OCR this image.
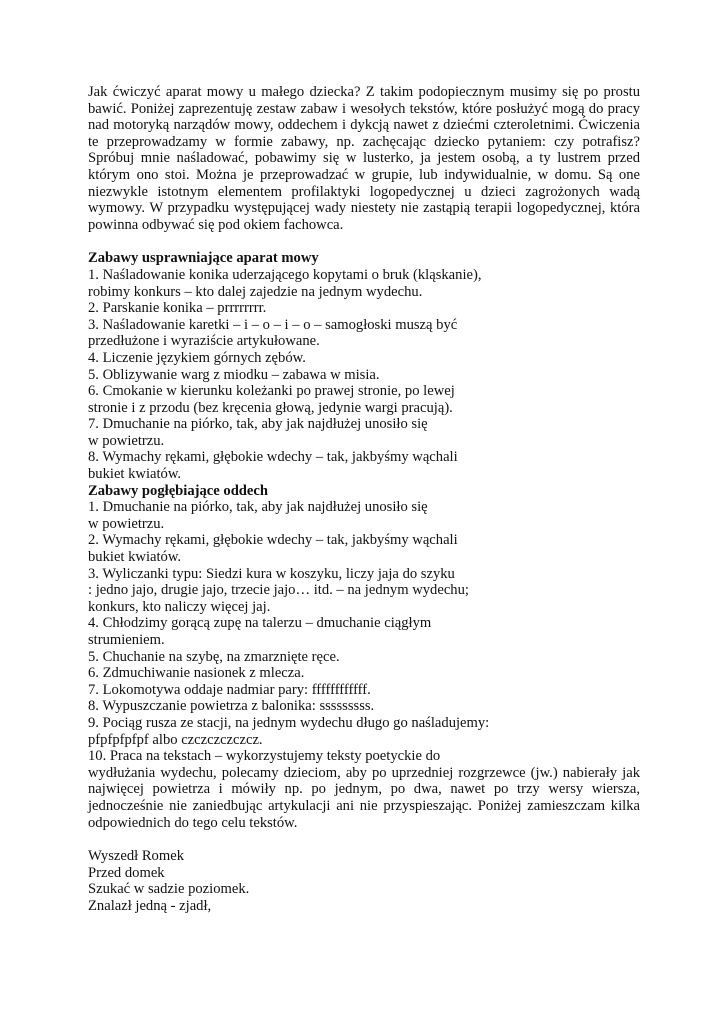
Jak ćwiczyć aparat mowy u małego dziecka? Z takim podopiecznym musimy się po prostu
bawić. Poniżej zaprezentuję zestaw zabaw i wesołych tekstów, które posłużyć mogą do pracy
nad motoryką narządów mowy, oddechem i dykcją nawet z dziećmi czteroletnimi. Ćwiczenia
te przeprowadzamy w formie zabawy, np. zachęcając dziecko pytaniem: czy potrafisz?
Spróbuj mnie naśladować, pobawimy się w lusterko, ja jestem osobą, a ty lustrem przed
którym ono stoi. Można je przeprowadzać w grupie, lub indywidualnie, w domu. Są one
niezwykle istotnym elementem profilaktyki logopedycznej u dzieci zagrożonych wadą
wymowy. W przypadku występującej wady niestety nie zastąpią terapii logopedycznej, która
powinna odbywać się pod okiem fachowca.
Zabawy usprawniające aparat mowy
1. Naśladowanie konika uderzającego kopytami o bruk (kląskanie),
robimy konkurs – kto dalej zajedzie na jednym wydechu.
2. Parskanie konika – prrrrrrrr.
3. Naśladowanie karetki – i – o – i – o – samogłoski muszą być
przedłużone i wyraziście artykułowane.
4. Liczenie językiem górnych zębów.
5. Oblizywanie warg z miodku – zabawa w misia.
6. Cmokanie w kierunku koleżanki po prawej stronie, po lewej
stronie i z przodu (bez kręcenia głową, jedynie wargi pracują).
7. Dmuchanie na piórko, tak, aby jak najdłużej unosiło się
w powietrzu.
8. Wymachy rękami, głębokie wdechy – tak, jakbyśmy wąchali
bukiet kwiatów.
Zabawy pogłębiające oddech
1. Dmuchanie na piórko, tak, aby jak najdłużej unosiło się
w powietrzu.
2. Wymachy rękami, głębokie wdechy – tak, jakbyśmy wąchali
bukiet kwiatów.
3. Wyliczanki typu: Siedzi kura w koszyku, liczy jaja do szyku
: jedno jajo, drugie jajo, trzecie jajo… itd. – na jednym wydechu;
konkurs, kto naliczy więcej jaj.
4. Chłodzimy gorącą zupę na talerzu – dmuchanie ciągłym
strumieniem.
5. Chuchanie na szybę, na zmarznięte ręce.
6. Zdmuchiwanie nasionek z mlecza.
7. Lokomotywa oddaje nadmiar pary: ffffffffffff.
8. Wypuszczanie powietrza z balonika: sssssssss.
9. Pociąg rusza ze stacji, na jednym wydechu długo go naśladujemy:
pfpfpfpfpf albo czczczczczcz.
10. Praca na tekstach – wykorzystujemy teksty poetyckie do
wydłużania wydechu, polecamy dzieciom, aby po uprzedniej rozgrzewce (jw.) nabierały jak
najwięcej powietrza i mówiły np. po jednym, po dwa, nawet po trzy wersy wiersza,
jednocześnie nie zaniedbując artykulacji ani nie przyspieszając. Poniżej zamieszczam kilka
odpowiednich do tego celu tekstów.
Wyszedł Romek
Przed domek
Szukać w sadzie poziomek.
Znalazł jedną - zjadł,
